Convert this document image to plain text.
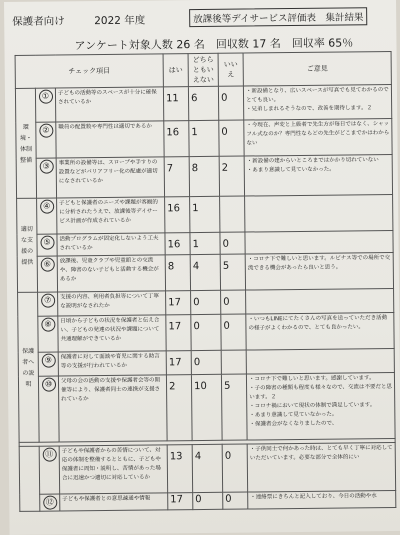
保護者向け	2022 年度	放課後等デイサービス評価表　集計結果
アンケート対象人数 26 名　回収数 17 名　回収率 65％
チェック項目			はい	どちらともいえない	いいえ	ご意見
環境・体制整備	①	子どもの活動等のスペースが十分に確保されているか	11	6	0	・新設備となり、広いスペースが写真でも見てわかるのでとても良い。
・兄弟しまれるそうなので、改善を期待します。２
	②	職員の配置数や専門性は適切であるか	16	1	0	・今現在、声変と上級者で先生方が毎日ではなく、シャッフル式なのか？専門性ならどの先生がどこまでかはわからない
	③	事業所の設備等は、スロープや手すりの設置などがバリアフリー化の配慮が適切になされているか	7	8	2	・新設備の建からいところまではかかり切れていない
・あまり意識して見ていなかった。
適切な支援の提供	④	子どもと保護者のニーズや課題が客観的に分析されたうえで、放課後等デイサービス計画が作成されているか	16	1		
	⑤	活動プログラムが固定化しないよう工夫されているか	16	1	0	
	⑥	放課後、児童クラブや児童館との交流や、障害のない子どもと活動する機会があるか	8	4	5	・コロナ下で難しいと思います。ルビナス等での場所で交流できる機会があったら良いと思う。
保護者への説明	⑦	支援の内容、利用者負担等について丁寧な説明がなされたか	17	0	0	
	⑧	日頃から子どもの状況を保護者と伝え合い、子どもの発達の状況や課題について共通理解ができているか	17	0	0	・いつもLINEにてたくさんの写真を送っていただき活動の様子がよくわかるので、とても良かったい。
	⑨	保護者に対して面談や育児に関する助言等の支援が行われているか	17	0		
	⑩	父母の会の活動の支援や保護者会等の開催等により、保護者同士の連携が支援されているか	2	10	5	・コロナ下で難しいと思います。感謝しています。
・子の障害の種類も程度も様々なので、交流は不要だと思います。２
・コロナ禍において現状の体制で満足しています。
・あまり意識して見ていなかった。
・保護者会がなくなりましたので、

	⑪	子どもや保護者からの苦情について、対応の体制を整備するとともに、子どもや保護者に周知・説明し、苦情があった場合に迅速かつ適切に対応しているか	13	4	0	・子供同士で何かあった時は、とても早く丁寧に対応していただいています。必要な部分で全体的にい
	⑫	子どもや保護者との意思疎通や情報	17	0	0	・連絡票にきちんと記入しており、今日の活動や水
